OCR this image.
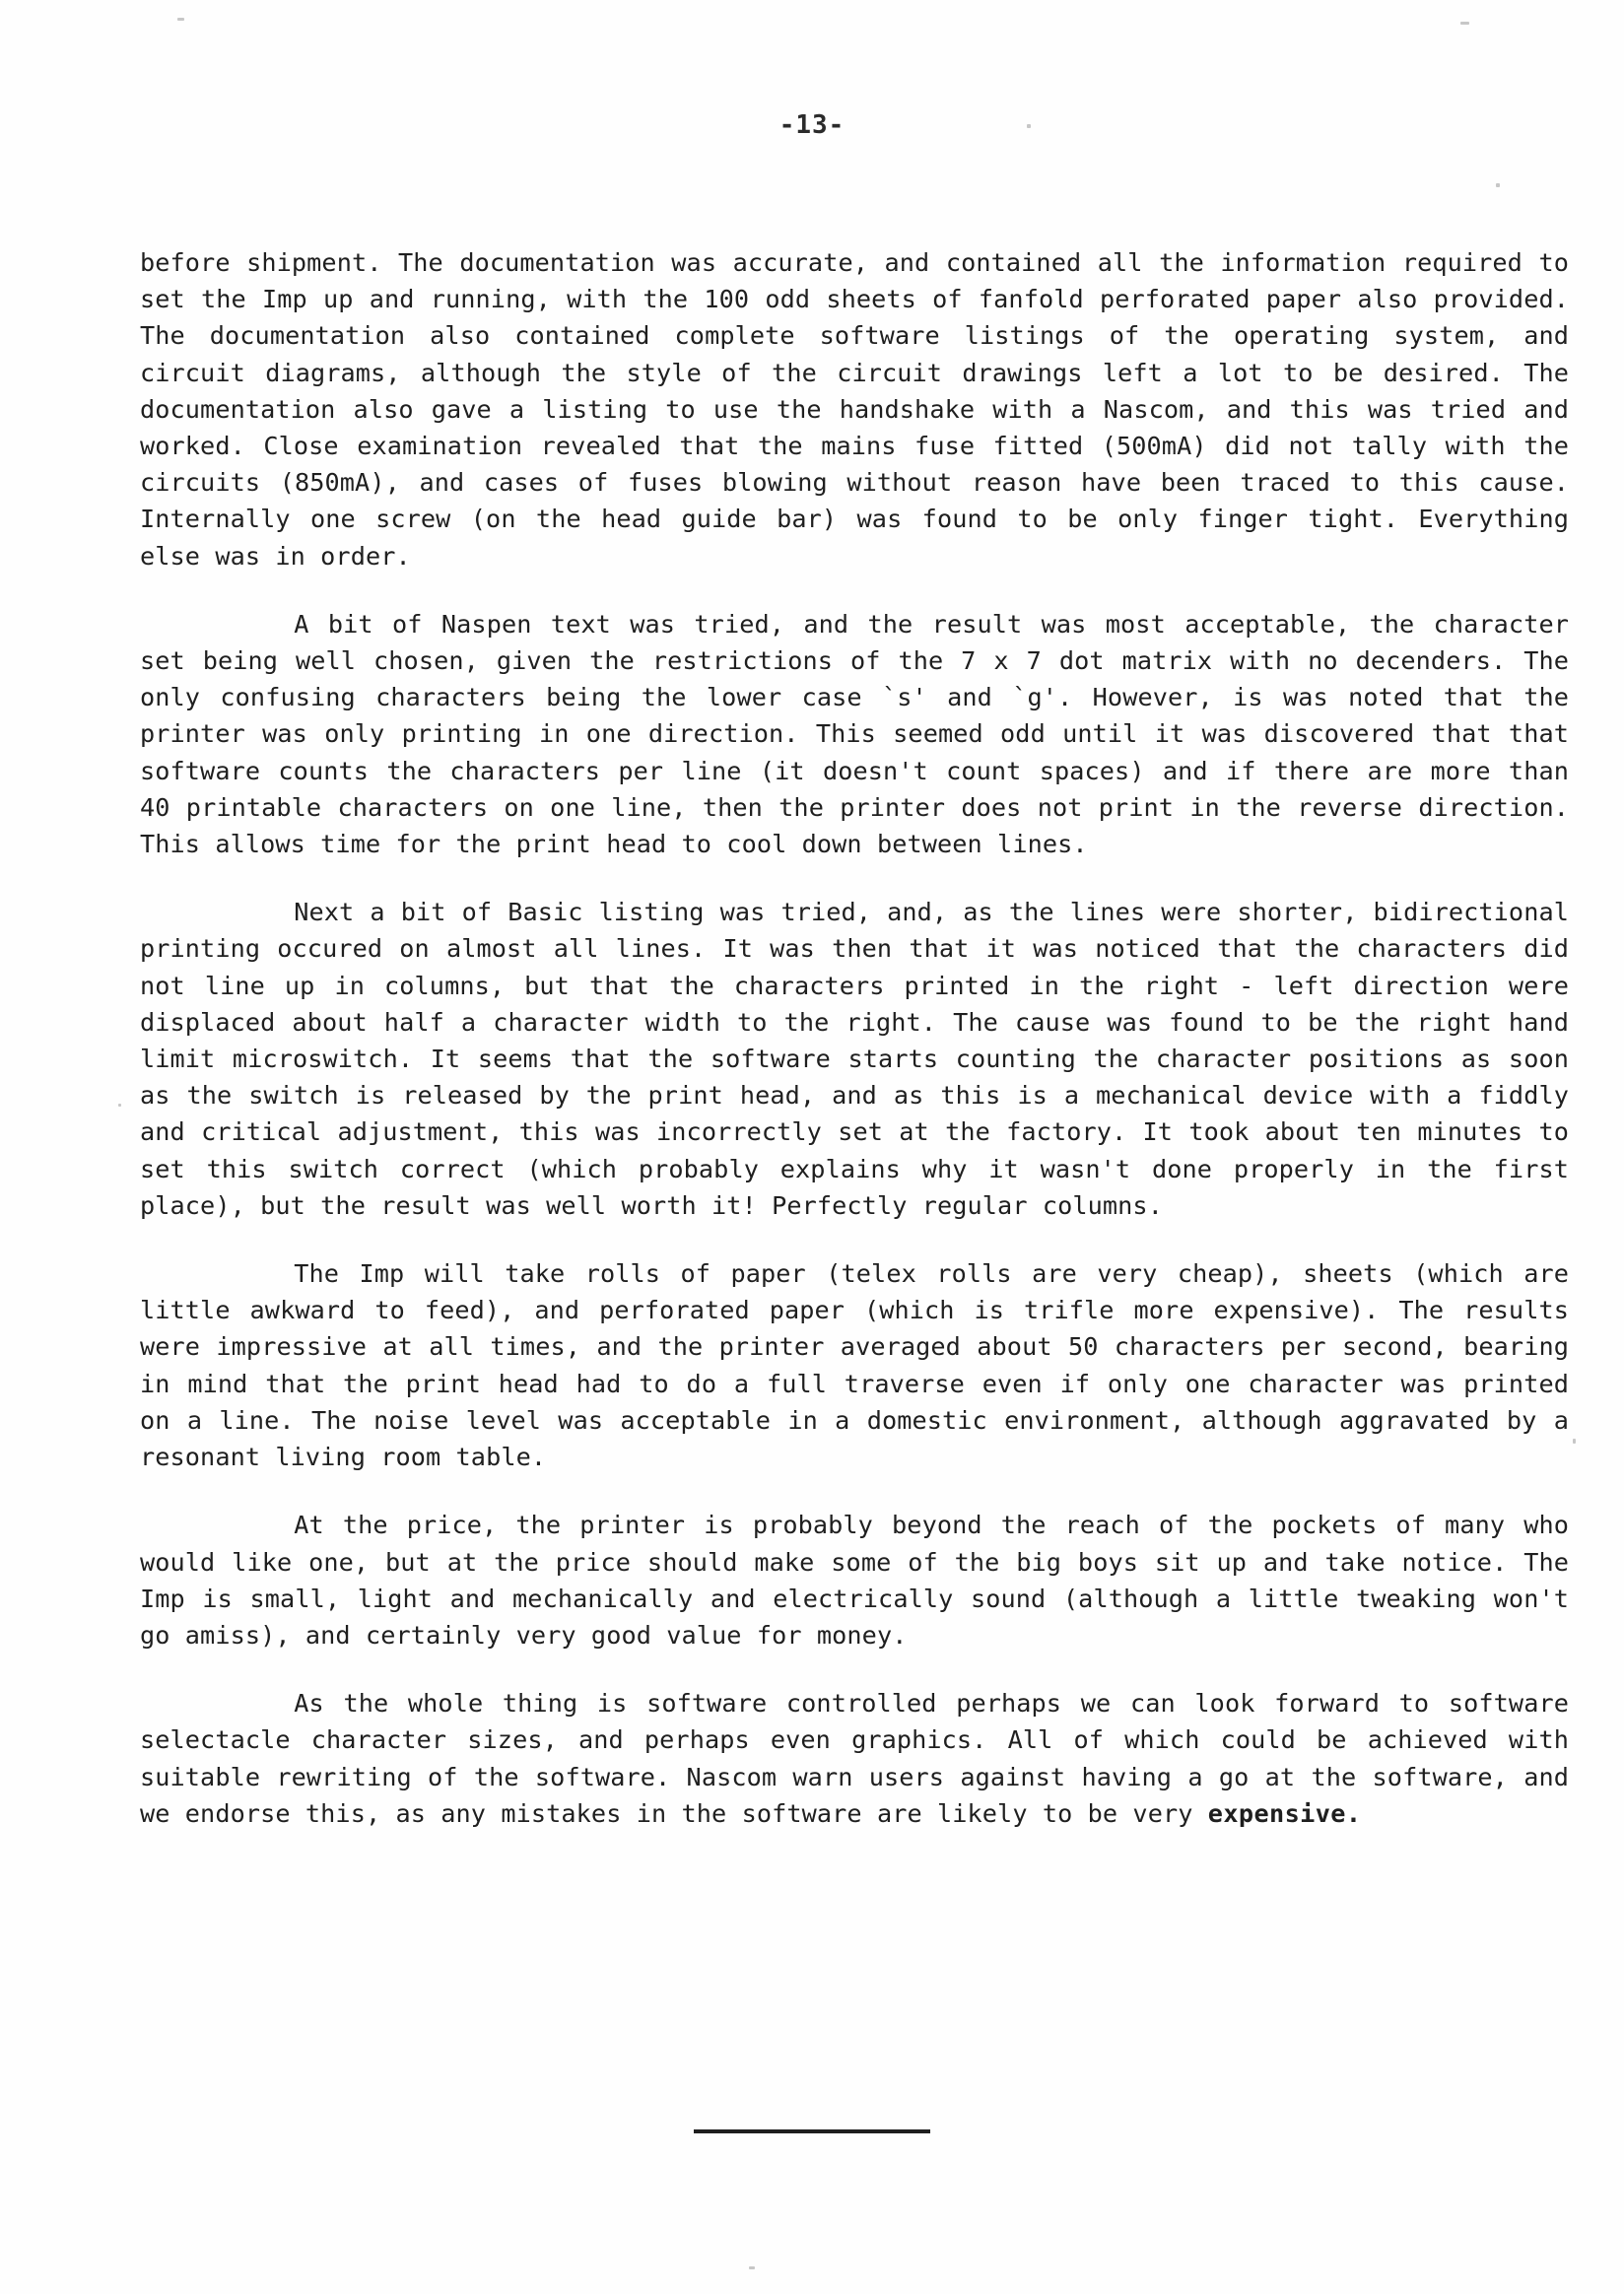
-13-

before shipment. The documentation was accurate, and contained all the information required to set the Imp up and running, with the 100 odd sheets of fanfold perforated paper also provided. The documentation also contained complete software listings of the operating system, and circuit diagrams, although the style of the circuit drawings left a lot to be desired. The documentation also gave a listing to use the handshake with a Nascom, and this was tried and worked. Close examination revealed that the mains fuse fitted (500mA) did not tally with the circuits (850mA), and cases of fuses blowing without reason have been traced to this cause. Internally one screw (on the head guide bar) was found to be only finger tight. Everything else was in order.

A bit of Naspen text was tried, and the result was most acceptable, the character set being well chosen, given the restrictions of the 7 x 7 dot matrix with no decenders. The only confusing characters being the lower case `s' and `g'. However, is was noted that the printer was only printing in one direction. This seemed odd until it was discovered that that software counts the characters per line (it doesn't count spaces) and if there are more than 40 printable characters on one line, then the printer does not print in the reverse direction. This allows time for the print head to cool down between lines.

Next a bit of Basic listing was tried, and, as the lines were shorter, bidirectional printing occured on almost all lines. It was then that it was noticed that the characters did not line up in columns, but that the characters printed in the right - left direction were displaced about half a character width to the right. The cause was found to be the right hand limit microswitch. It seems that the software starts counting the character positions as soon as the switch is released by the print head, and as this is a mechanical device with a fiddly and critical adjustment, this was incorrectly set at the factory. It took about ten minutes to set this switch correct (which probably explains why it wasn't done properly in the first place), but the result was well worth it! Perfectly regular columns.

The Imp will take rolls of paper (telex rolls are very cheap), sheets (which are little awkward to feed), and perforated paper (which is trifle more expensive). The results were impressive at all times, and the printer averaged about 50 characters per second, bearing in mind that the print head had to do a full traverse even if only one character was printed on a line. The noise level was acceptable in a domestic environment, although aggravated by a resonant living room table.

At the price, the printer is probably beyond the reach of the pockets of many who would like one, but at the price should make some of the big boys sit up and take notice. The Imp is small, light and mechanically and electrically sound (although a little tweaking won't go amiss), and certainly very good value for money.

As the whole thing is software controlled perhaps we can look forward to software selectacle character sizes, and perhaps even graphics. All of which could be achieved with suitable rewriting of the software. Nascom warn users against having a go at the software, and we endorse this, as any mistakes in the software are likely to be very expensive.
